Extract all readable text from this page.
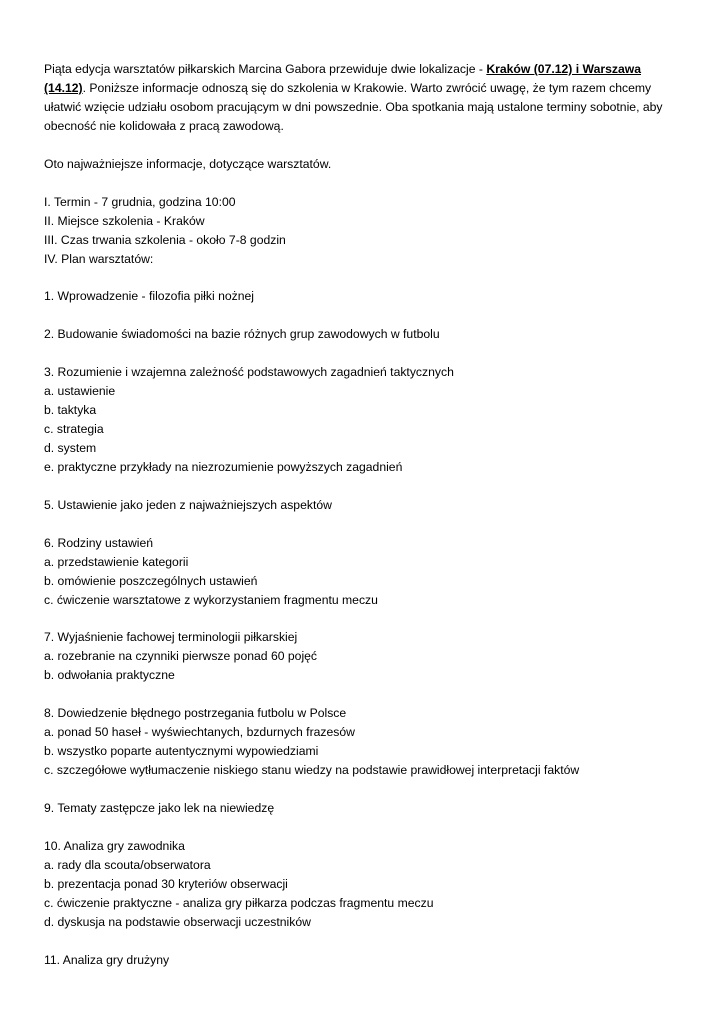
Piąta edycja warsztatów piłkarskich Marcina Gabora przewiduje dwie lokalizacje - Kraków (07.12) i Warszawa
(14.12). Poniższe informacje odnoszą się do szkolenia w Krakowie. Warto zwrócić uwagę, że tym razem chcemy
ułatwić wzięcie udziału osobom pracującym w dni powszednie. Oba spotkania mają ustalone terminy sobotnie, aby
obecność nie kolidowała z pracą zawodową.
Oto najważniejsze informacje, dotyczące warsztatów.
I. Termin - 7 grudnia, godzina 10:00
II. Miejsce szkolenia - Kraków
III. Czas trwania szkolenia - około 7-8 godzin
IV. Plan warsztatów:
1. Wprowadzenie - filozofia piłki nożnej
2. Budowanie świadomości na bazie różnych grup zawodowych w futbolu
3. Rozumienie i wzajemna zależność podstawowych zagadnień taktycznych
a. ustawienie
b. taktyka
c. strategia
d. system
e. praktyczne przykłady na niezrozumienie powyższych zagadnień
5. Ustawienie jako jeden z najważniejszych aspektów
6. Rodziny ustawień
a. przedstawienie kategorii
b. omówienie poszczególnych ustawień
c. ćwiczenie warsztatowe z wykorzystaniem fragmentu meczu
7. Wyjaśnienie fachowej terminologii piłkarskiej
a. rozebranie na czynniki pierwsze ponad 60 pojęć
b. odwołania praktyczne
8. Dowiedzenie błędnego postrzegania futbolu w Polsce
a. ponad 50 haseł - wyświechtanych, bzdurnych frazesów
b. wszystko poparte autentycznymi wypowiedziami
c. szczegółowe wytłumaczenie niskiego stanu wiedzy na podstawie prawidłowej interpretacji faktów
9. Tematy zastępcze jako lek na niewiedzę
10. Analiza gry zawodnika
a. rady dla scouta/obserwatora
b. prezentacja ponad 30 kryteriów obserwacji
c. ćwiczenie praktyczne - analiza gry piłkarza podczas fragmentu meczu
d. dyskusja na podstawie obserwacji uczestników
11. Analiza gry drużyny
